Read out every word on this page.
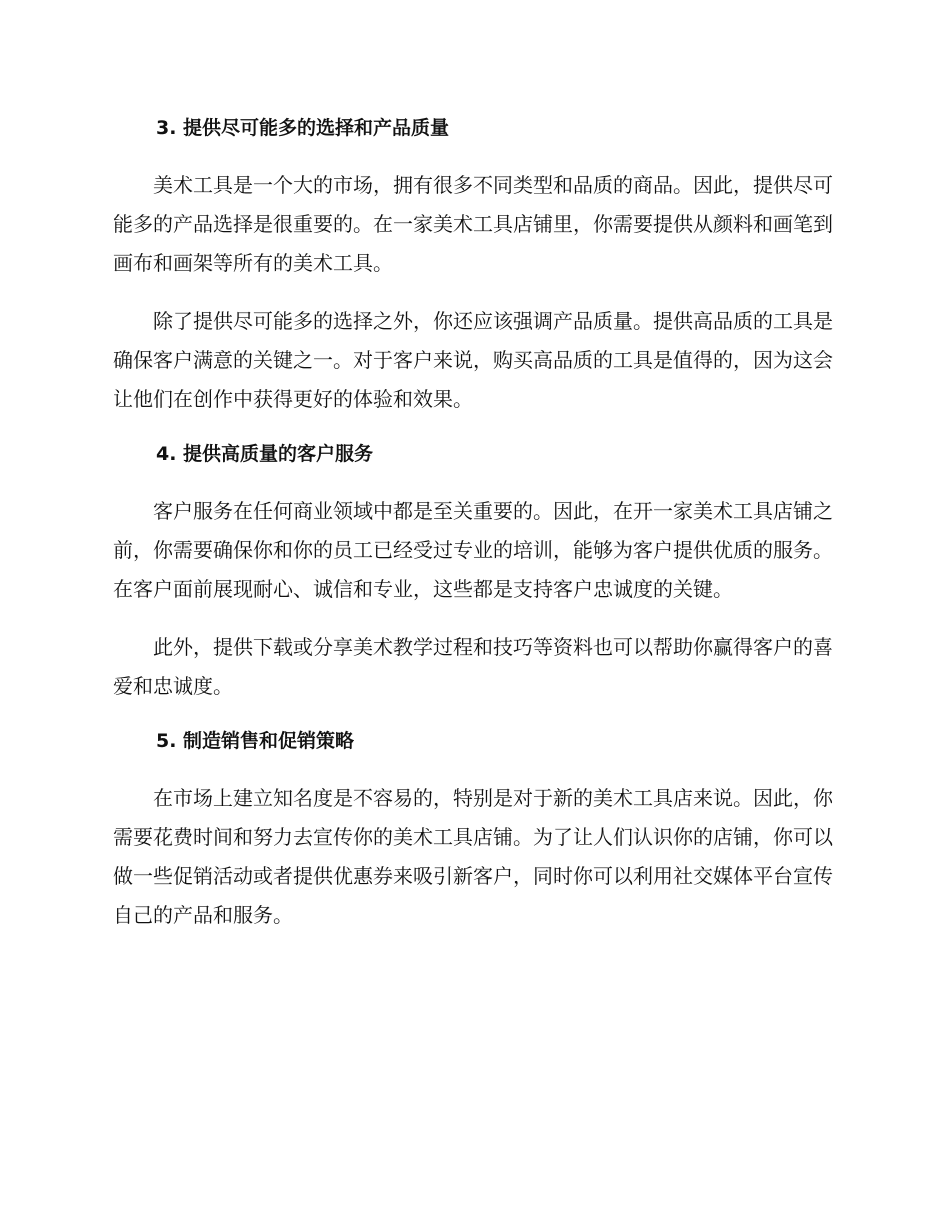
3. 提供尽可能多的选择和产品质量

美术工具是一个大的市场，拥有很多不同类型和品质的商品。因此，提供尽可能多的产品选择是很重要的。在一家美术工具店铺里，你需要提供从颜料和画笔到画布和画架等所有的美术工具。

除了提供尽可能多的选择之外，你还应该强调产品质量。提供高品质的工具是确保客户满意的关键之一。对于客户来说，购买高品质的工具是值得的，因为这会让他们在创作中获得更好的体验和效果。

4. 提供高质量的客户服务

客户服务在任何商业领域中都是至关重要的。因此，在开一家美术工具店铺之前，你需要确保你和你的员工已经受过专业的培训，能够为客户提供优质的服务。在客户面前展现耐心、诚信和专业，这些都是支持客户忠诚度的关键。

此外，提供下载或分享美术教学过程和技巧等资料也可以帮助你赢得客户的喜爱和忠诚度。

5. 制造销售和促销策略

在市场上建立知名度是不容易的，特别是对于新的美术工具店来说。因此，你需要花费时间和努力去宣传你的美术工具店铺。为了让人们认识你的店铺，你可以做一些促销活动或者提供优惠券来吸引新客户，同时你可以利用社交媒体平台宣传自己的产品和服务。
